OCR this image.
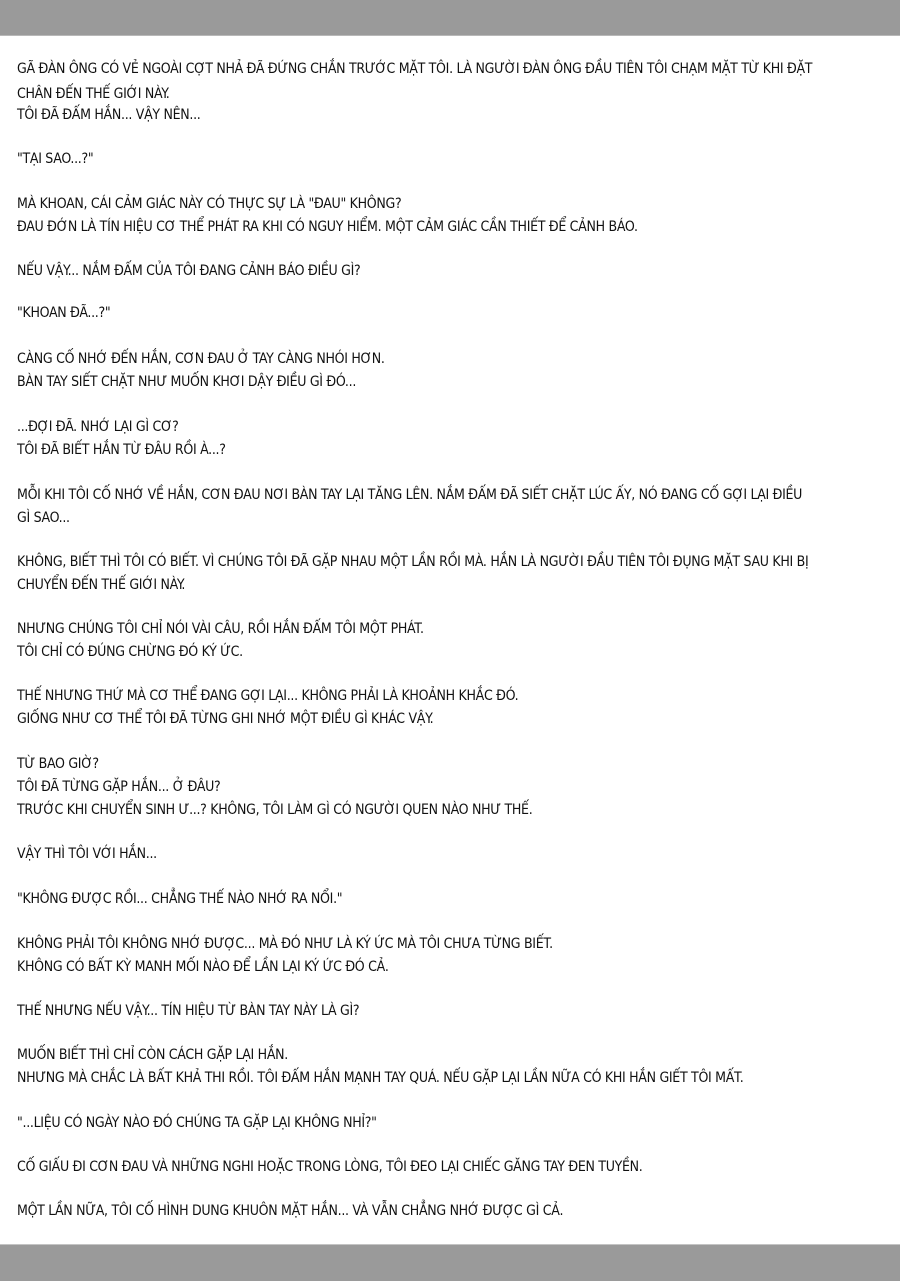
GÃ ĐÀN ÔNG CÓ VẺ NGOÀI CỢT NHẢ ĐÃ ĐỨNG CHẮN TRƯỚC MẶT TÔI. LÀ NGƯỜI ĐÀN ÔNG ĐẦU TIÊN TÔI CHẠM MẶT TỪ KHI ĐẶT
CHÂN ĐẾN THẾ GIỚI NÀY.
TÔI ĐÃ ĐẤM HẮN... VẬY NÊN...
"TẠI SAO...?"
MÀ KHOAN, CÁI CẢM GIÁC NÀY CÓ THỰC SỰ LÀ "ĐAU" KHÔNG?
ĐAU ĐỚN LÀ TÍN HIỆU CƠ THỂ PHÁT RA KHI CÓ NGUY HIỂM. MỘT CẢM GIÁC CẦN THIẾT ĐỂ CẢNH BÁO.
NẾU VẬY... NẮM ĐẤM CỦA TÔI ĐANG CẢNH BÁO ĐIỀU GÌ?
"KHOAN ĐÃ...?"
CÀNG CỐ NHỚ ĐẾN HẮN, CƠN ĐAU Ở TAY CÀNG NHÓI HƠN.
BÀN TAY SIẾT CHẶT NHƯ MUỐN KHƠI DẬY ĐIỀU GÌ ĐÓ...
...ĐỢI ĐÃ. NHỚ LẠI GÌ CƠ?
TÔI ĐÃ BIẾT HẮN TỪ ĐÂU RỒI À...?
MỖI KHI TÔI CỐ NHỚ VỀ HẮN, CƠN ĐAU NƠI BÀN TAY LẠI TĂNG LÊN. NẮM ĐẤM ĐÃ SIẾT CHẶT LÚC ẤY, NÓ ĐANG CỐ GỢI LẠI ĐIỀU
GÌ SAO...
KHÔNG, BIẾT THÌ TÔI CÓ BIẾT. VÌ CHÚNG TÔI ĐÃ GẶP NHAU MỘT LẦN RỒI MÀ. HẮN LÀ NGƯỜI ĐẦU TIÊN TÔI ĐỤNG MẶT SAU KHI BỊ
CHUYỂN ĐẾN THẾ GIỚI NÀY.
NHƯNG CHÚNG TÔI CHỈ NÓI VÀI CÂU, RỒI HẮN ĐẤM TÔI MỘT PHÁT.
TÔI CHỈ CÓ ĐÚNG CHỪNG ĐÓ KÝ ỨC.
THẾ NHƯNG THỨ MÀ CƠ THỂ ĐANG GỢI LẠI... KHÔNG PHẢI LÀ KHOẢNH KHẮC ĐÓ.
GIỐNG NHƯ CƠ THỂ TÔI ĐÃ TỪNG GHI NHỚ MỘT ĐIỀU GÌ KHÁC VẬY.
TỪ BAO GIỜ?
TÔI ĐÃ TỪNG GẶP HẮN... Ở ĐÂU?
TRƯỚC KHI CHUYỂN SINH Ư...? KHÔNG, TÔI LÀM GÌ CÓ NGƯỜI QUEN NÀO NHƯ THẾ.
VẬY THÌ TÔI VỚI HẮN...
"KHÔNG ĐƯỢC RỒI... CHẲNG THẾ NÀO NHỚ RA NỔI."
KHÔNG PHẢI TÔI KHÔNG NHỚ ĐƯỢC... MÀ ĐÓ NHƯ LÀ KÝ ỨC MÀ TÔI CHƯA TỪNG BIẾT.
KHÔNG CÓ BẤT KỲ MANH MỐI NÀO ĐỂ LẦN LẠI KÝ ỨC ĐÓ CẢ.
THẾ NHƯNG NẾU VẬY... TÍN HIỆU TỪ BÀN TAY NÀY LÀ GÌ?
MUỐN BIẾT THÌ CHỈ CÒN CÁCH GẶP LẠI HẮN.
NHƯNG MÀ CHẮC LÀ BẤT KHẢ THI RỒI. TÔI ĐẤM HẮN MẠNH TAY QUÁ. NẾU GẶP LẠI LẦN NỮA CÓ KHI HẮN GIẾT TÔI MẤT.
"...LIỆU CÓ NGÀY NÀO ĐÓ CHÚNG TA GẶP LẠI KHÔNG NHỈ?"
CỐ GIẤU ĐI CƠN ĐAU VÀ NHỮNG NGHI HOẶC TRONG LÒNG, TÔI ĐEO LẠI CHIẾC GĂNG TAY ĐEN TUYỀN.
MỘT LẦN NỮA, TÔI CỐ HÌNH DUNG KHUÔN MẶT HẮN... VÀ VẪN CHẲNG NHỚ ĐƯỢC GÌ CẢ.
